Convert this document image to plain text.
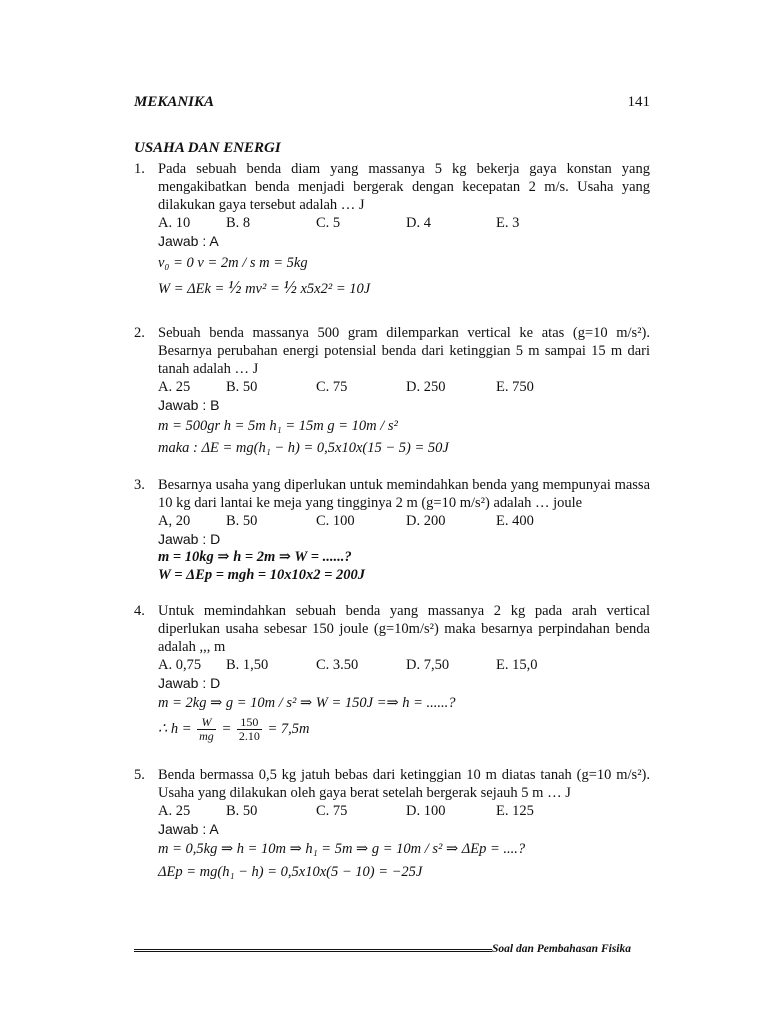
MEKANIKA	141
USAHA DAN ENERGI
1. Pada sebuah benda diam yang massanya 5 kg bekerja gaya konstan yang mengakibatkan benda menjadi bergerak dengan kecepatan 2 m/s. Usaha yang dilakukan gaya tersebut adalah … J
A. 10 B. 8	C. 5	D. 4	E. 3
Jawab : A
v₀ = 0 v = 2m / s m = 5kg
W = ΔEk = ½ mv² = ½ x5x2² = 10J
2. Sebuah benda massanya 500 gram dilemparkan vertical ke atas (g=10 m/s²). Besarnya perubahan energi potensial benda dari ketinggian 5 m sampai 15 m dari tanah adalah … J
A. 25 B. 50	C. 75	D. 250	E. 750
Jawab : B
m = 500gr h = 5m h₁ = 15m g = 10m / s²
maka : ΔE = mg(h₁ − h) = 0,5x10x(15 − 5) = 50J
3. Besarnya usaha yang diperlukan untuk memindahkan benda yang mempunyai massa 10 kg dari lantai ke meja yang tingginya 2 m (g=10 m/s²) adalah … joule
A, 20 B. 50	C. 100	D. 200	E. 400
Jawab : D
m = 10kg ⇒ h = 2m ⇒ W = ......?
W = ΔEp = mgh = 10x10x2 = 200J
4. Untuk memindahkan sebuah benda yang massanya 2 kg pada arah vertical diperlukan usaha sebesar 150 joule (g=10m/s²) maka besarnya perpindahan benda adalah ,,, m
A. 0,75 B. 1,50	C. 3.50	D. 7,50	E. 15,0
Jawab : D
m = 2kg ⇒ g = 10m / s² ⇒ W = 150J =⇒ h = ......?
∴ $h = \frac{W}{mg} = \frac{150}{2.10} = 7,5m$
5. Benda bermassa 0,5 kg jatuh bebas dari ketinggian 10 m diatas tanah (g=10 m/s²). Usaha yang dilakukan oleh gaya berat setelah bergerak sejauh 5 m … J
A. 25 B. 50	C. 75	D. 100	E. 125
Jawab : A
m = 0,5kg ⇒ h = 10m ⇒ h₁ = 5m ⇒ g = 10m / s² ⇒ ΔEp = ....?
ΔEp = mg(h₁ − h) = 0,5x10x(5 − 10) = −25J
Soal dan Pembahasan Fisika
